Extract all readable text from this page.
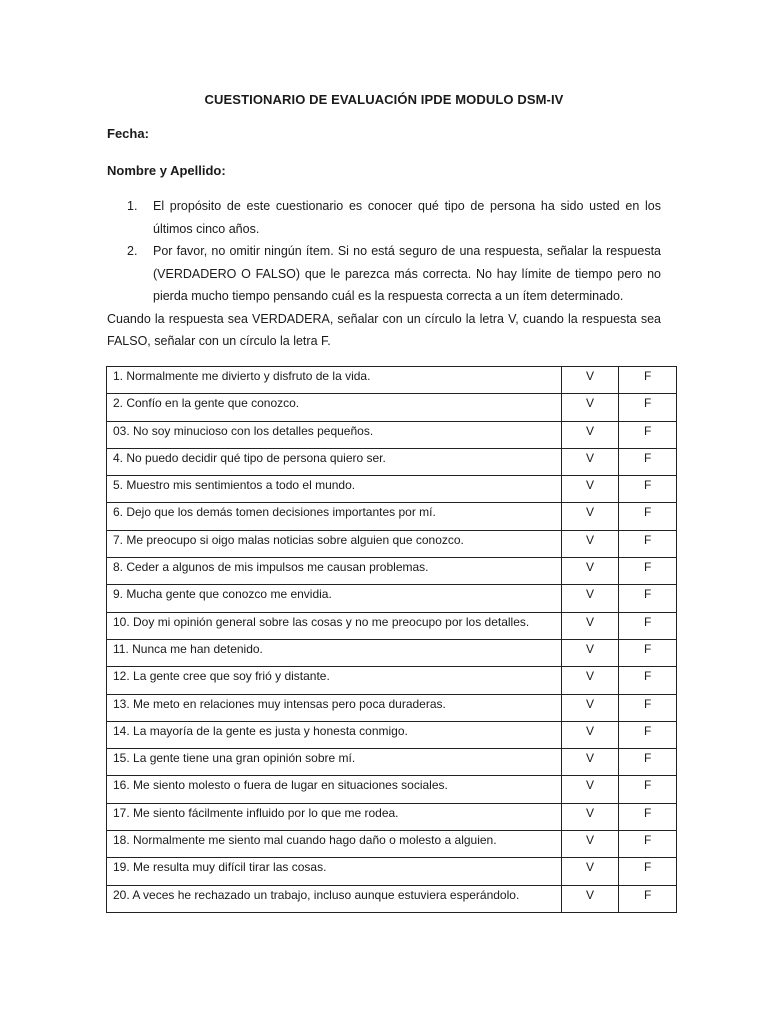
CUESTIONARIO DE EVALUACIÓN IPDE MODULO DSM-IV
Fecha:
Nombre y Apellido:
1.	El propósito de este cuestionario es conocer qué tipo de persona ha sido usted en los últimos cinco años.
2.	Por favor, no omitir ningún ítem. Si no está seguro de una respuesta, señalar la respuesta (VERDADERO O FALSO) que le parezca más correcta. No hay límite de tiempo pero no pierda mucho tiempo pensando cuál es la respuesta correcta a un ítem determinado.
Cuando la respuesta sea VERDADERA, señalar con un círculo la letra V, cuando la respuesta sea FALSO, señalar con un círculo la letra F.
1. Normalmente me divierto y disfruto de la vida.	V	F
2. Confío en la gente que conozco.	V	F
03. No soy minucioso con los detalles pequeños.	V	F
4. No puedo decidir qué tipo de persona quiero ser.	V	F
5. Muestro mis sentimientos a todo el mundo.	V	F
6. Dejo que los demás tomen decisiones importantes por mí.	V	F
7. Me preocupo si oigo malas noticias sobre alguien que conozco.	V	F
8. Ceder a algunos de mis impulsos me causan problemas.	V	F
9. Mucha gente que conozco me envidia.	V	F
10. Doy mi opinión general sobre las cosas y no me preocupo por los detalles.	V	F
11. Nunca me han detenido.	V	F
12. La gente cree que soy frió y distante.	V	F
13. Me meto en relaciones muy intensas pero poca duraderas.	V	F
14. La mayoría de la gente es justa y honesta conmigo.	V	F
15. La gente tiene una gran opinión sobre mí.	V	F
16. Me siento molesto o fuera de lugar en situaciones sociales.	V	F
17. Me siento fácilmente influido por lo que me rodea.	V	F
18. Normalmente me siento mal cuando hago daño o molesto a alguien.	V	F
19. Me resulta muy difícil tirar las cosas.	V	F
20. A veces he rechazado un trabajo, incluso aunque estuviera esperándolo.	V	F
